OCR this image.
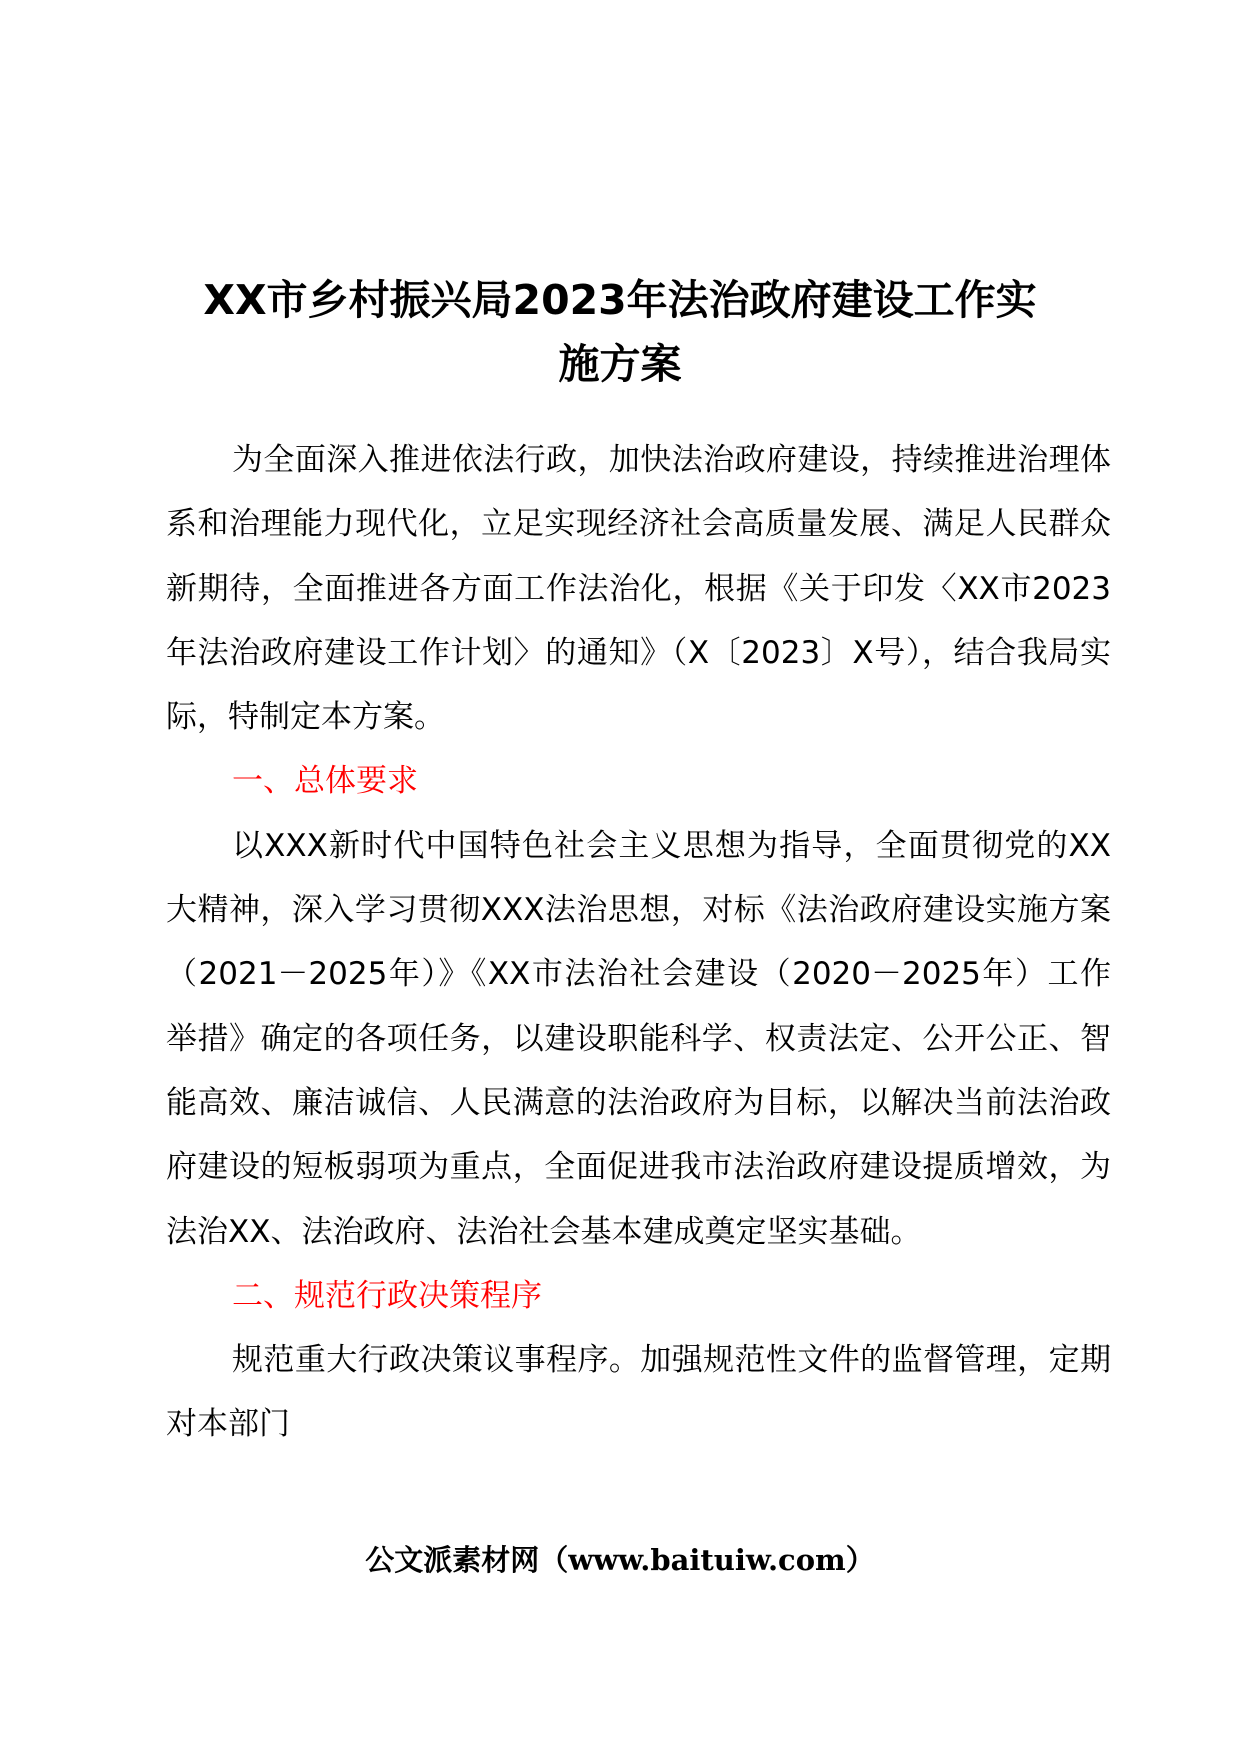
XX市乡村振兴局2023年法治政府建设工作实
施方案

为全面深入推进依法行政，加快法治政府建设，持续推进治理体系和治理能力现代化，立足实现经济社会高质量发展、满足人民群众新期待，全面推进各方面工作法治化，根据《关于印发〈XX市2023年法治政府建设工作计划〉的通知》（X〔2023〕X号），结合我局实际，特制定本方案。

一、总体要求

以XXX新时代中国特色社会主义思想为指导，全面贯彻党的XX大精神，深入学习贯彻XXX法治思想，对标《法治政府建设实施方案（2021－2025年）》《XX市法治社会建设（2020－2025年）工作举措》确定的各项任务，以建设职能科学、权责法定、公开公正、智能高效、廉洁诚信、人民满意的法治政府为目标，以解决当前法治政府建设的短板弱项为重点，全面促进我市法治政府建设提质增效，为法治XX、法治政府、法治社会基本建成奠定坚实基础。

二、规范行政决策程序

规范重大行政决策议事程序。加强规范性文件的监督管理，定期对本部门

公文派素材网（www.baituiw.com）
